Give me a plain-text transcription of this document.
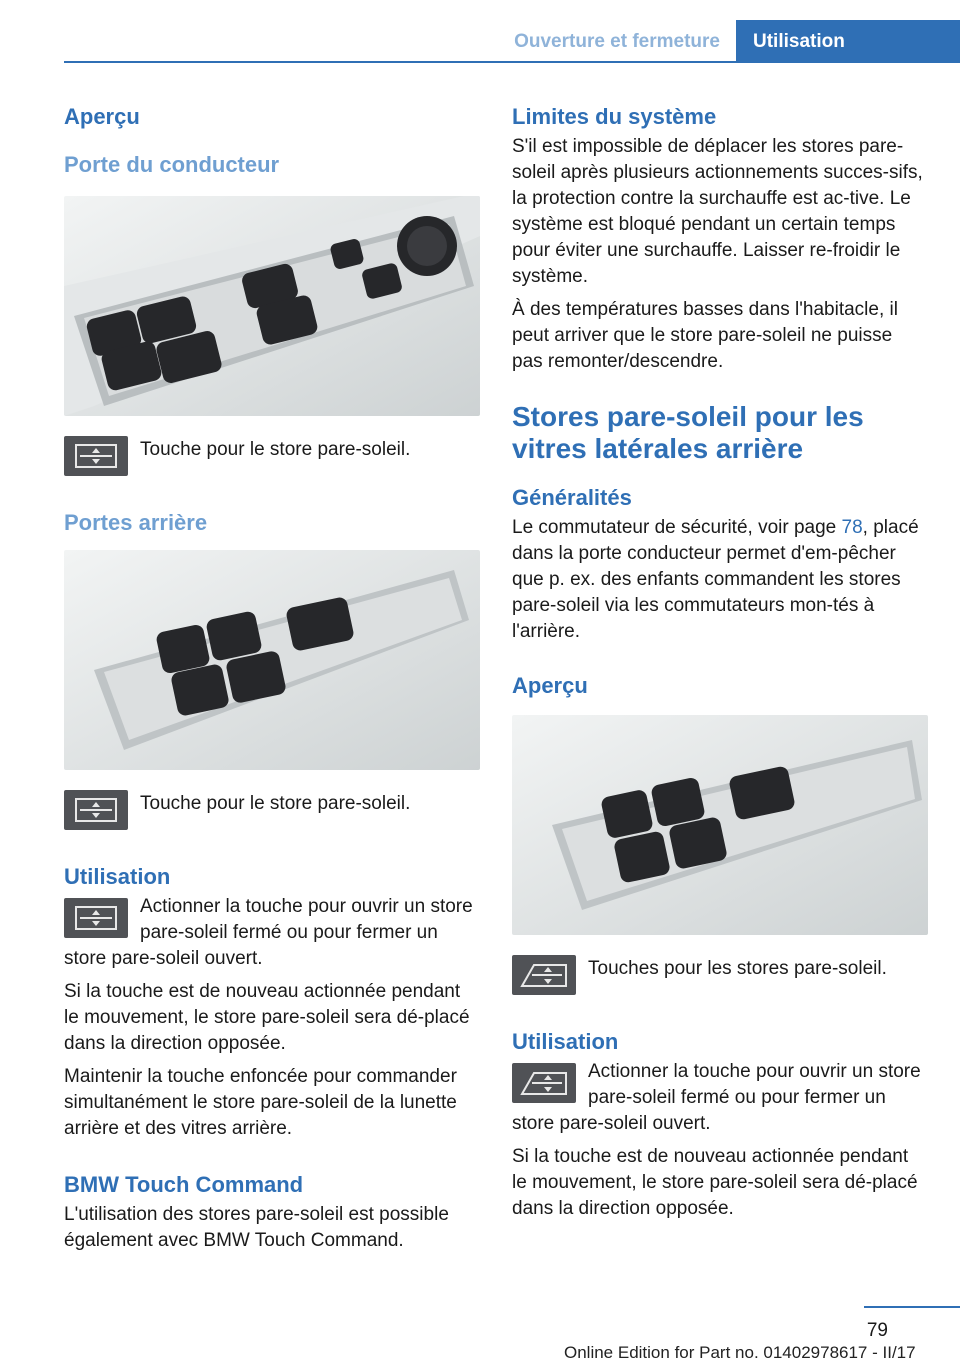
Ouverture et fermeture	Utilisation
Aperçu
Porte du conducteur
Touche pour le store pare-soleil.
Portes arrière
Touche pour le store pare-soleil.
Utilisation

Actionner la touche pour ouvrir un store pare-soleil fermé ou pour fermer un store pare-soleil ouvert.

Si la touche est de nouveau actionnée pendant le mouvement, le store pare-soleil sera dé‐placé dans la direction opposée.

Maintenir la touche enfoncée pour commander simultanément le store pare-soleil de la lunette arrière et des vitres arrière.

BMW Touch Command

L'utilisation des stores pare-soleil est possible également avec BMW Touch Command.

Limites du système

S'il est impossible de déplacer les stores pare-soleil après plusieurs actionnements succes‐sifs, la protection contre la surchauffe est ac‐tive. Le système est bloqué pendant un certain temps pour éviter une surchauffe. Laisser re‐froidir le système.

À des températures basses dans l'habitacle, il peut arriver que le store pare-soleil ne puisse pas remonter/descendre.

Stores pare-soleil pour les vitres latérales arrière
Généralités

Le commutateur de sécurité, voir page 78, placé dans la porte conducteur permet d'em‐pêcher que p. ex. des enfants commandent les stores pare-soleil via les commutateurs mon‐tés à l'arrière.

Aperçu
Touches pour les stores pare-soleil.
Utilisation

Actionner la touche pour ouvrir un store pare-soleil fermé ou pour fermer un store pare-soleil ouvert.

Si la touche est de nouveau actionnée pendant le mouvement, le store pare-soleil sera dé‐placé dans la direction opposée.

79
Online Edition for Part no. 01402978617 - II/17
